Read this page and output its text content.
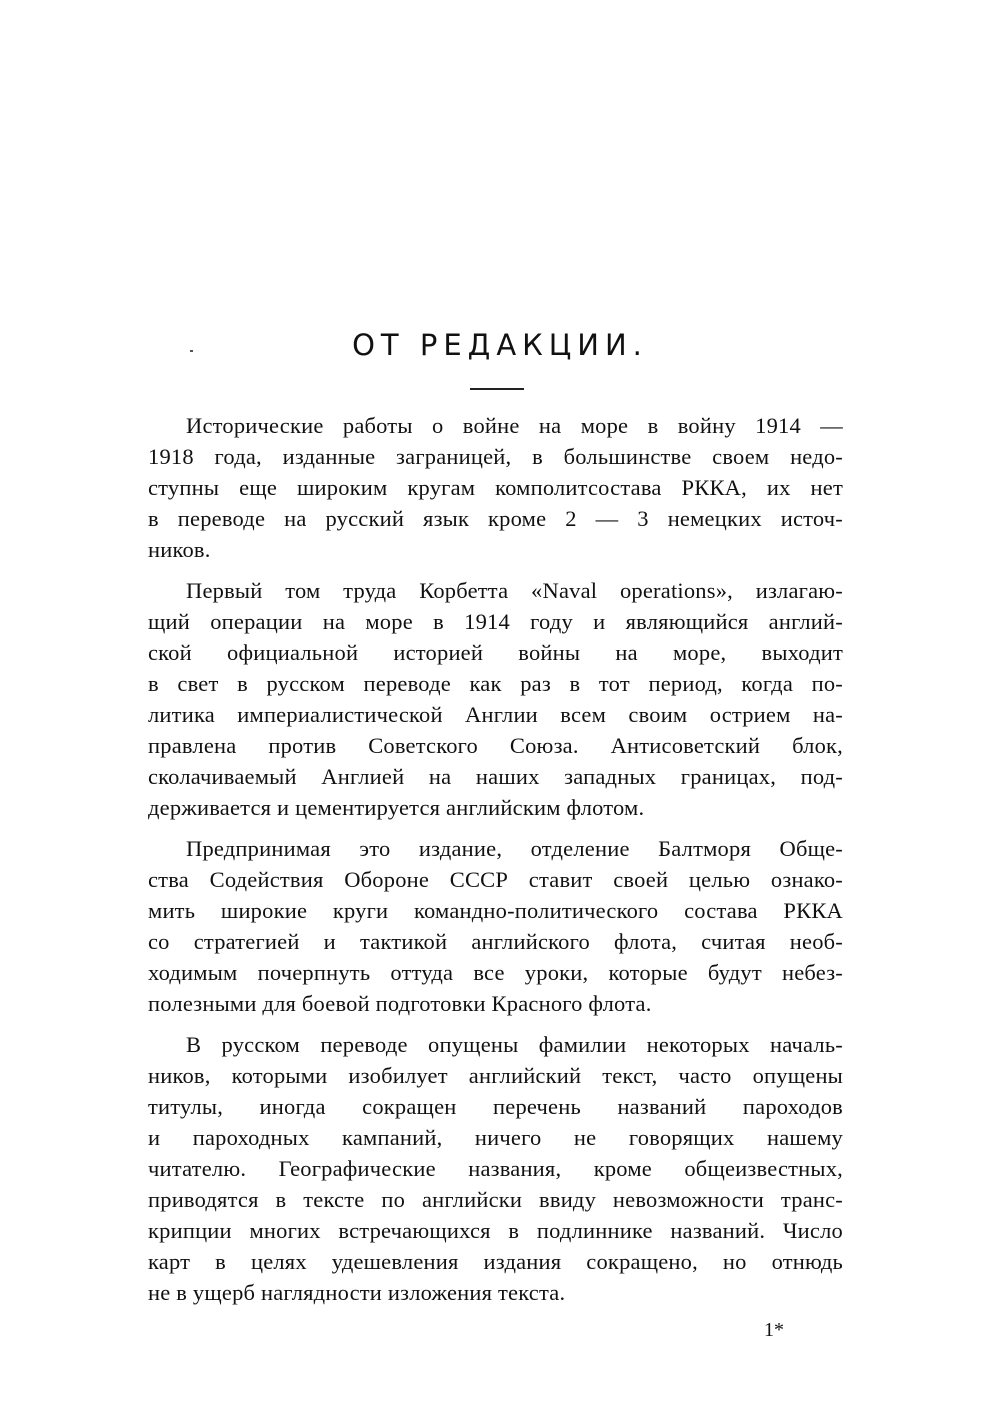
ОТ РЕДАКЦИИ.
Исторические работы о войне на море в войну 1914 —
1918 года, изданные заграницей, в большинстве своем недо-
ступны еще широким кругам комполитсостава РККА, их нет
в переводе на русский язык кроме 2 — 3 немецких источ-
ников.
Первый том труда Корбетта «Naval operations», излагаю-
щий операции на море в 1914 году и являющийся англий-
ской официальной историей войны на море, выходит
в свет в русском переводе как раз в тот период, когда по-
литика империалистической Англии всем своим острием на-
правлена против Советского Союза. Антисоветский блок,
сколачиваемый Англией на наших западных границах, под-
держивается и цементируется английским флотом.
Предпринимая это издание, отделение Балтморя Обще-
ства Содействия Обороне СССР ставит своей целью ознако-
мить широкие круги командно-политического состава РККА
со стратегией и тактикой английского флота, считая необ-
ходимым почерпнуть оттуда все уроки, которые будут небез-
полезными для боевой подготовки Красного флота.
В русском переводе опущены фамилии некоторых началь-
ников, которыми изобилует английский текст, часто опущены
титулы, иногда сокращен перечень названий пароходов
и пароходных кампаний, ничего не говорящих нашему
читателю. Географические названия, кроме общеизвестных,
приводятся в тексте по английски ввиду невозможности транс-
крипции многих встречающихся в подлиннике названий. Число
карт в целях удешевления издания сокращено, но отнюдь
не в ущерб наглядности изложения текста.
1*
